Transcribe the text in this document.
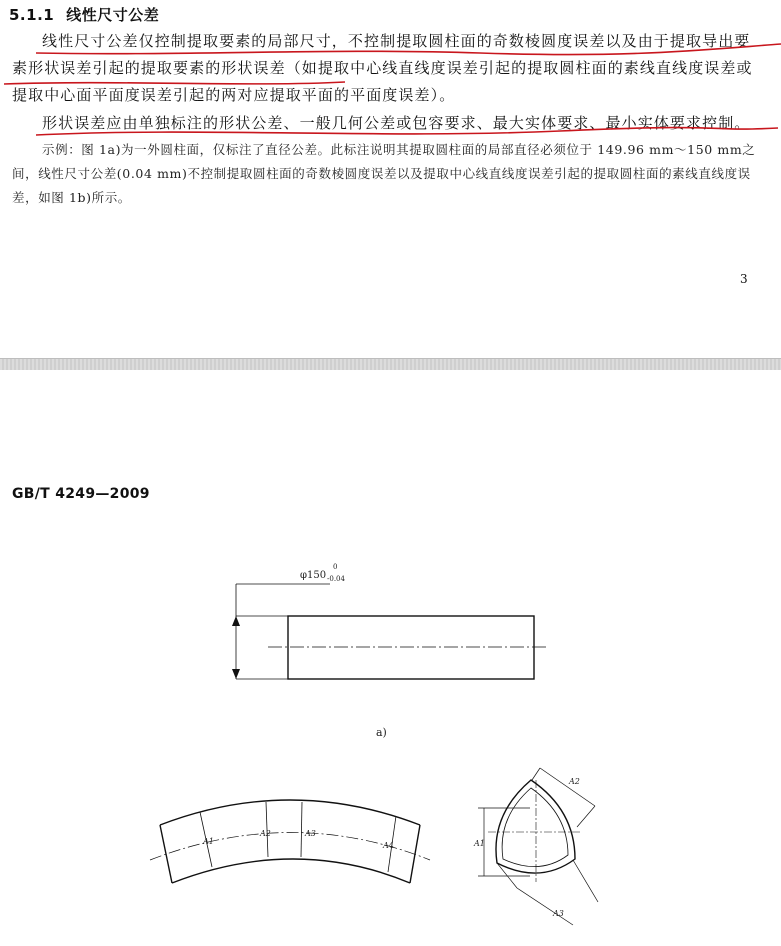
5.1.1 线性尺寸公差

线性尺寸公差仅控制提取要素的局部尺寸，不控制提取圆柱面的奇数棱圆度误差以及由于提取导出要素形状误差引起的提取要素的形状误差（如提取中心线直线度误差引起的提取圆柱面的素线直线度误差或提取中心面平面度误差引起的两对应提取平面的平面度误差）。

形状误差应由单独标注的形状公差、一般几何公差或包容要求、最大实体要求、最小实体要求控制。

示例：图 1a)为一外圆柱面，仅标注了直径公差。此标注说明其提取圆柱面的局部直径必须位于 149.96 mm～150 mm之间，线性尺寸公差(0.04 mm)不控制提取圆柱面的奇数棱圆度误差以及提取中心线直线度误差引起的提取圆柱面的素线直线度误差，如图 1b)所示。

3
GB/T 4249—2009
φ150
0
-0.04
a)
A1
A2	A3
A4	A1
A2
A3
